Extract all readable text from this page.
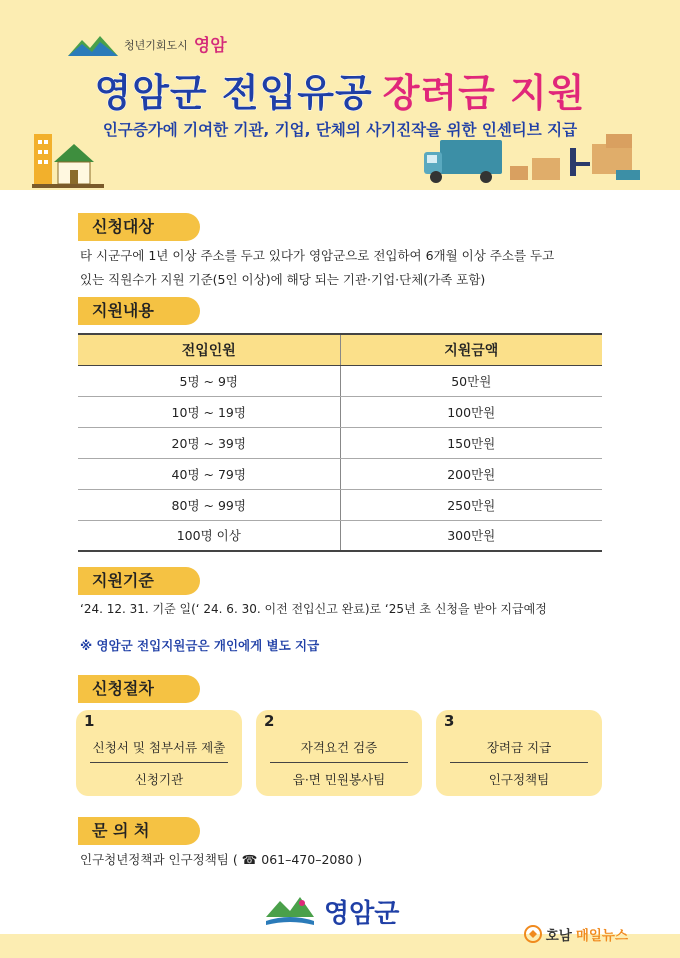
청년기회도시 영암
영암군 전입유공 장려금 지원
인구증가에 기여한 기관, 기업, 단체의 사기진작을 위한 인센티브 지급
신청대상
타 시군구에 1년 이상 주소를 두고 있다가 영암군으로 전입하여 6개월 이상 주소를 두고
있는 직원수가 지원 기준(5인 이상)에 해당 되는 기관·기업·단체(가족 포함)
지원내용
전입인원	지원금액
5명 ~ 9명	50만원
10명 ~ 19명	100만원
20명 ~ 39명	150만원
40명 ~ 79명	200만원
80명 ~ 99명	250만원
100명 이상	300만원
지원기준
‘24. 12. 31. 기준 일(‘ 24. 6. 30. 이전 전입신고 완료)로 ‘25년 초 신청을 받아 지급예정
※ 영암군 전입지원금은 개인에게 별도 지급
신청절차
1
신청서 및 첨부서류 제출
신청기관
2
자격요건 검증
읍·면 민원봉사팀
3
장려금 지급
인구정책팀
문 의 처
인구청년정책과 인구정책팀 ( ☎ 061–470–2080 )
영암군
호남 매일뉴스
